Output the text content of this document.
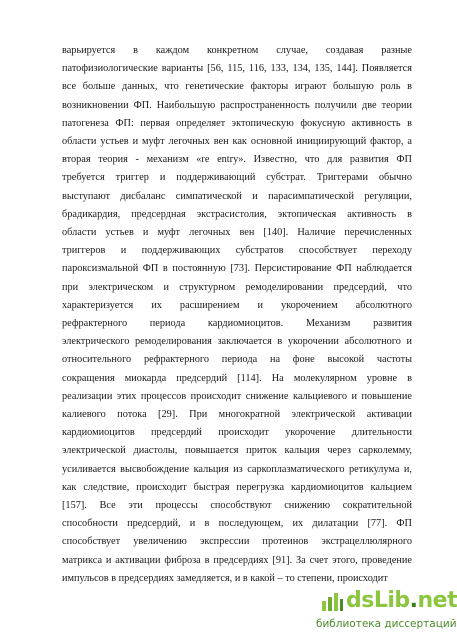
варьируется в каждом конкретном случае, создавая разные
патофизиологические варианты [56, 115, 116, 133, 134, 135, 144]. Появляется
все больше данных, что генетические факторы играют большую роль в
возникновении ФП. Наибольшую распространенность получили две теории
патогенеза ФП: первая определяет эктопическую фокусную активность в
области устьев и муфт легочных вен как основной инициирующий фактор, а
вторая теория - механизм «re entry». Известно, что для развития ФП
требуется триггер и поддерживающий субстрат. Триггерами обычно
выступают дисбаланс симпатической и парасимпатической регуляции,
брадикардия, предсердная экстрасистолия, эктопическая активность в
области устьев и муфт легочных вен [140]. Наличие перечисленных
триггеров и поддерживающих субстратов способствует переходу
пароксизмальной ФП в постоянную [73]. Персистирование ФП наблюдается
при электрическом и структурном ремоделировании предсердий, что
характеризуется их расширением и укорочением абсолютного
рефрактерного периода кардиомиоцитов. Механизм развития
электрического ремоделирования заключается в укорочении абсолютного и
относительного рефрактерного периода на фоне высокой частоты
сокращения миокарда предсердий [114]. На молекулярном уровне в
реализации этих процессов происходит снижение кальциевого и повышение
калиевого потока [29]. При многократной электрической активации
кардиомиоцитов предсердий происходит укорочение длительности
электрической диастолы, повышается приток кальция через сарколемму,
усиливается высвобождение кальция из саркоплазматического ретикулума и,
как следствие, происходит быстрая перегрузка кардиомиоцитов кальцием
[157]. Все эти процессы способствуют снижению сократительной
способности предсердий, и в последующем, их дилатации [77]. ФП
способствует увеличению экспрессии протеинов экстрацеллюлярного
матрикса и активации фиброза в предсердиях [91]. За счет этого, проведение
импульсов в предсердиях замедляется, и в какой – то степени, происходит
dsLib.net
библиотека диссертаций
